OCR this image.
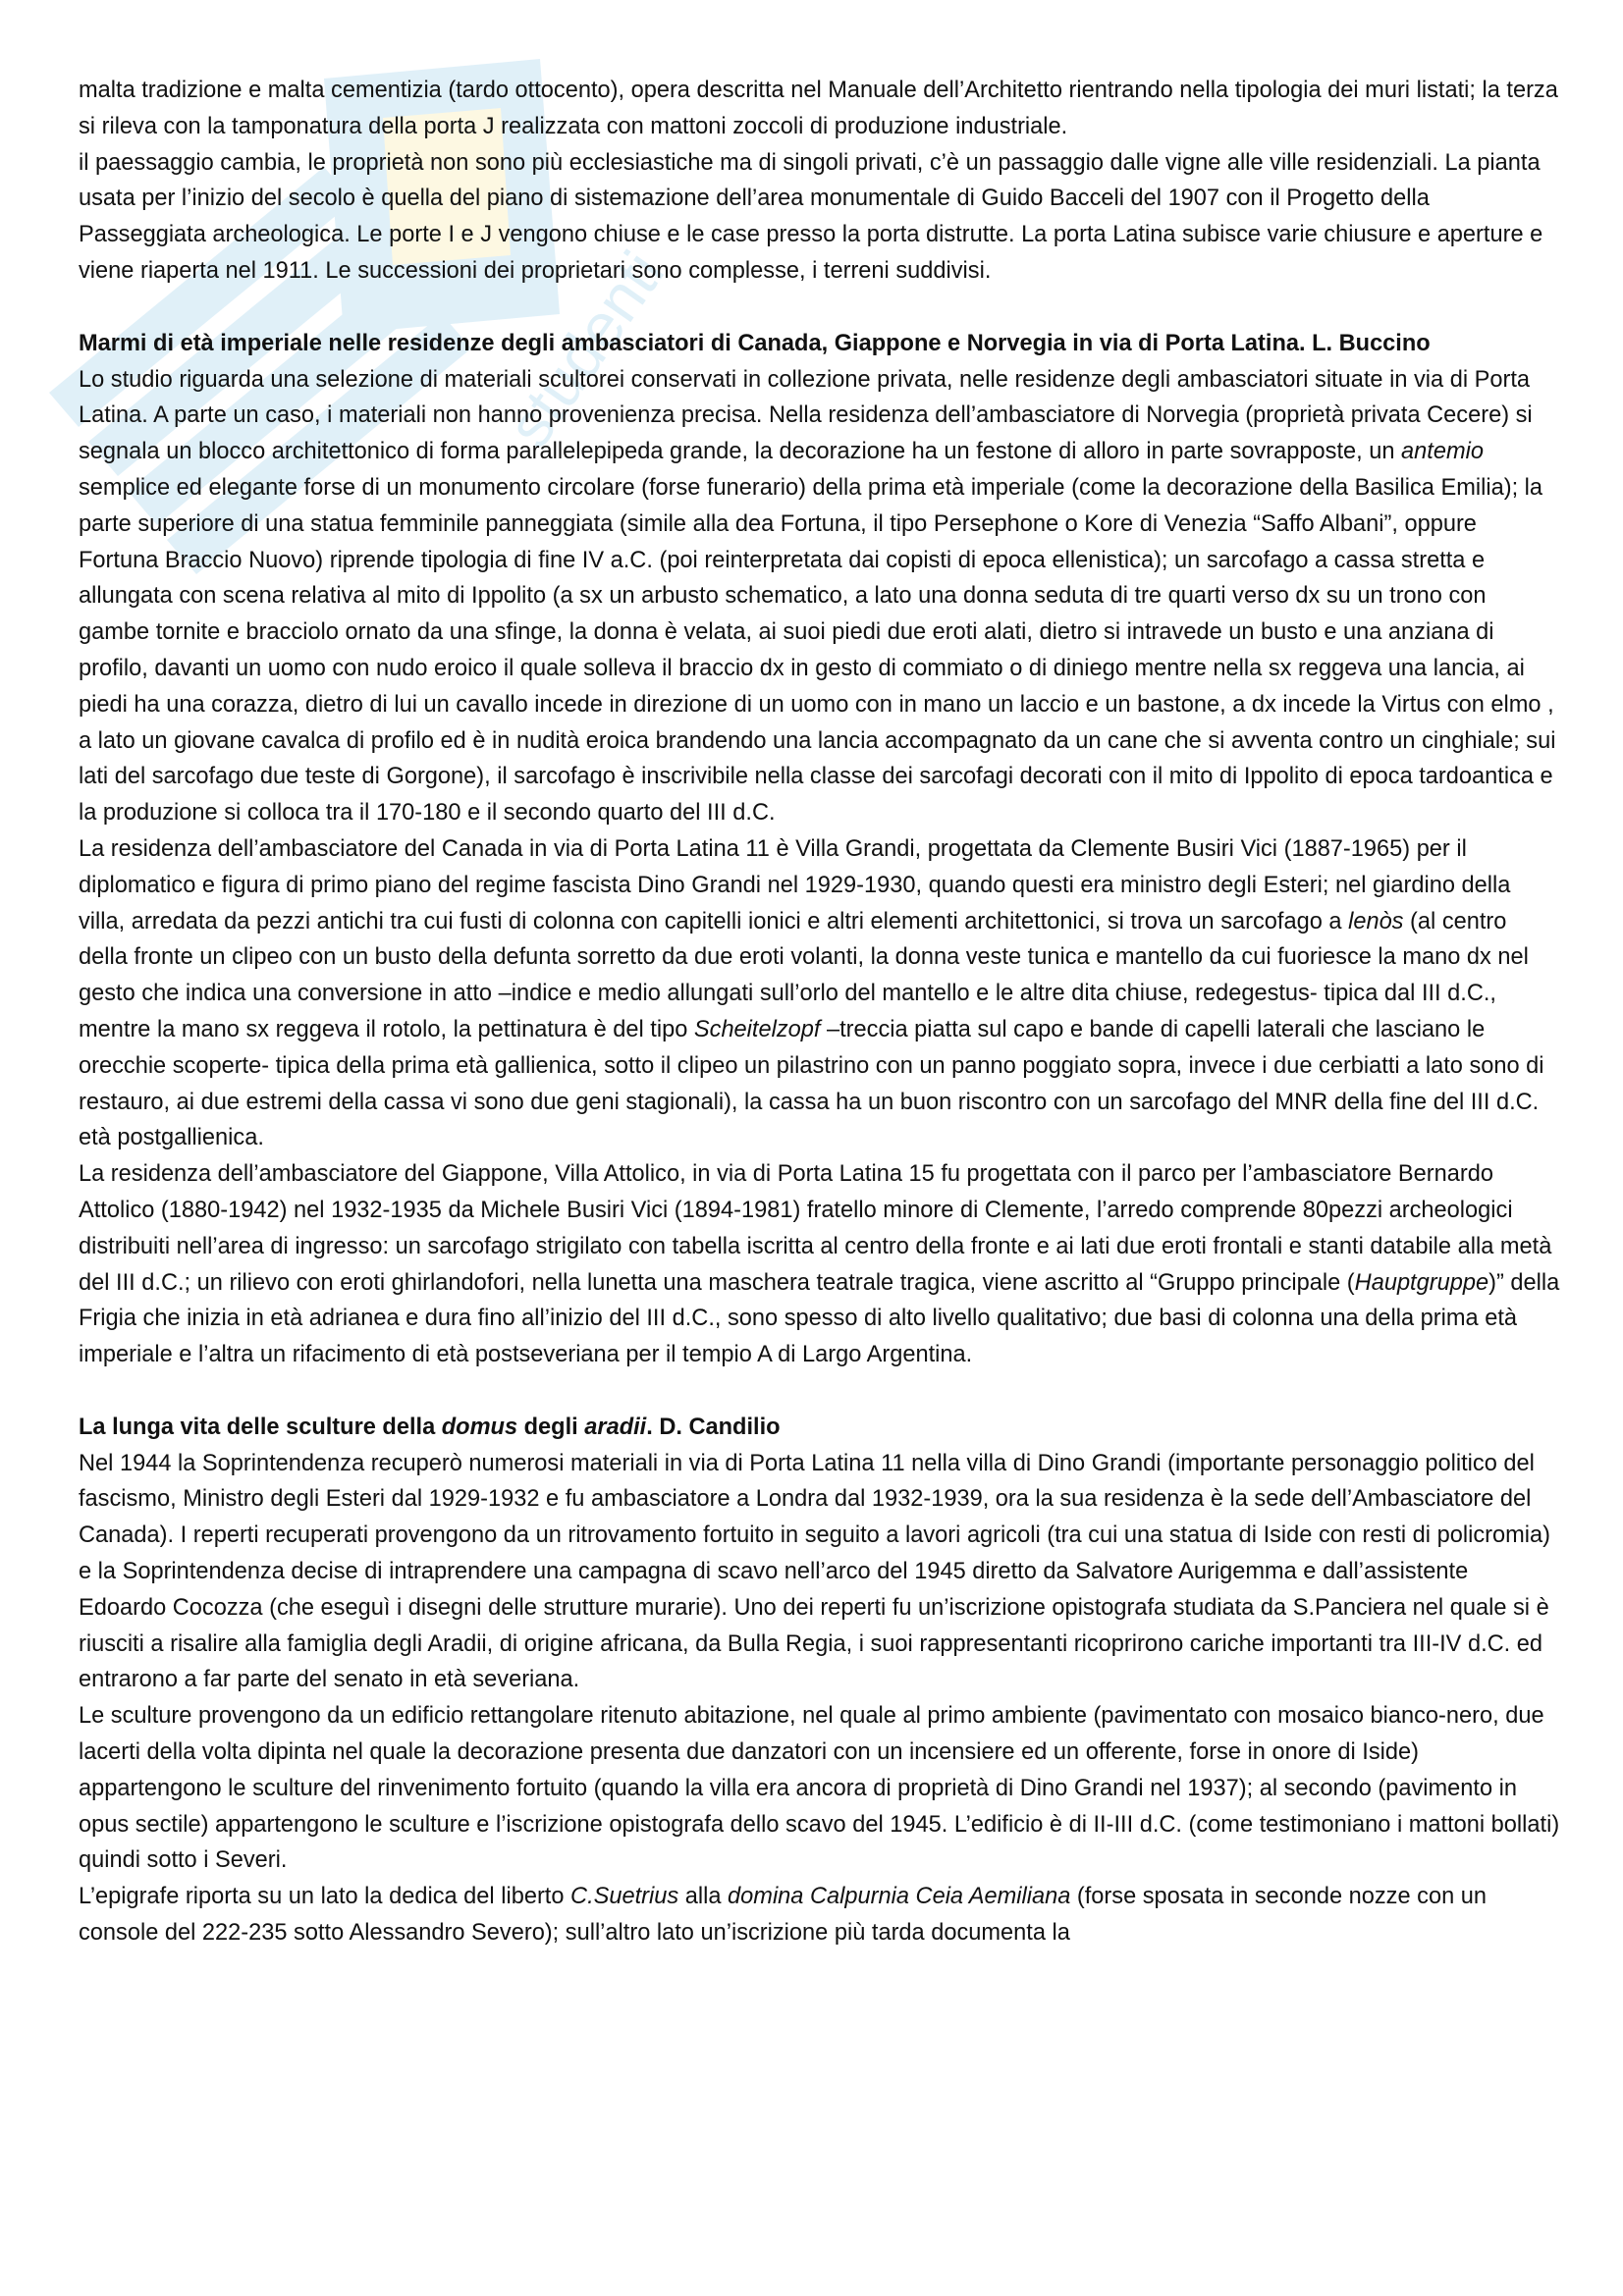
studenti

malta tradizione e malta cementizia (tardo ottocento), opera descritta nel Manuale dell’Architetto rientrando nella tipologia dei muri listati; la terza si rileva con la tamponatura della porta J realizzata con mattoni zoccoli di produzione industriale.

il paessaggio cambia, le proprietà non sono più ecclesiastiche ma di singoli privati, c’è un passaggio dalle vigne alle ville residenziali. La pianta usata per l’inizio del secolo è quella del piano di sistemazione dell’area monumentale di Guido Bacceli del 1907 con il Progetto della Passeggiata archeologica. Le porte I e J vengono chiuse e le case presso la porta distrutte. La porta Latina subisce varie chiusure e aperture e viene riaperta nel 1911. Le successioni dei proprietari sono complesse, i terreni suddivisi.

Marmi di età imperiale nelle residenze degli ambasciatori di Canada, Giappone e Norvegia in via di Porta Latina. L. Buccino

Lo studio riguarda una selezione di materiali scultorei conservati in collezione privata, nelle residenze degli ambasciatori situate in via di Porta Latina. A parte un caso, i materiali non hanno provenienza precisa. Nella residenza dell’ambasciatore di Norvegia (proprietà privata Cecere) si segnala un blocco architettonico di forma parallelepipeda grande, la decorazione ha un festone di alloro in parte sovrapposte, un antemio semplice ed elegante forse di un monumento circolare (forse funerario) della prima età imperiale (come la decorazione della Basilica Emilia); la parte superiore di una statua femminile panneggiata (simile alla dea Fortuna, il tipo Persephone o Kore di Venezia “Saffo Albani”, oppure Fortuna Braccio Nuovo) riprende tipologia di fine IV a.C. (poi reinterpretata dai copisti di epoca ellenistica); un sarcofago a cassa stretta e allungata con scena relativa al mito di Ippolito (a sx un arbusto schematico, a lato una donna seduta di tre quarti verso dx su un trono con gambe tornite e bracciolo ornato da una sfinge, la donna è velata, ai suoi piedi due eroti alati, dietro si intravede un busto e una anziana di profilo, davanti un uomo con nudo eroico il quale solleva il braccio dx in gesto di commiato o di diniego mentre nella sx reggeva una lancia, ai piedi ha una corazza, dietro di lui un cavallo incede in direzione di un uomo con in mano un laccio e un bastone, a dx incede la Virtus con elmo , a lato un giovane cavalca di profilo ed è in nudità eroica brandendo una lancia accompagnato da un cane che si avventa contro un cinghiale; sui lati del sarcofago due teste di Gorgone), il sarcofago è inscrivibile nella classe dei sarcofagi decorati con il mito di Ippolito di epoca tardoantica e la produzione si colloca tra il 170-180 e il secondo quarto del III d.C.

La residenza dell’ambasciatore del Canada in via di Porta Latina 11 è Villa Grandi, progettata da Clemente Busiri Vici (1887-1965) per il diplomatico e figura di primo piano del regime fascista Dino Grandi nel 1929-1930, quando questi era ministro degli Esteri; nel giardino della villa, arredata da pezzi antichi tra cui fusti di colonna con capitelli ionici e altri elementi architettonici, si trova un sarcofago a lenòs (al centro della fronte un clipeo con un busto della defunta sorretto da due eroti volanti, la donna veste tunica e mantello da cui fuoriesce la mano dx nel gesto che indica una conversione in atto –indice e medio allungati sull’orlo del mantello e le altre dita chiuse, redegestus- tipica dal III d.C., mentre la mano sx reggeva il rotolo, la pettinatura è del tipo Scheitelzopf –treccia piatta sul capo e bande di capelli laterali che lasciano le orecchie scoperte- tipica della prima età gallienica, sotto il clipeo un pilastrino con un panno poggiato sopra, invece i due cerbiatti a lato sono di restauro, ai due estremi della cassa vi sono due geni stagionali), la cassa ha un buon riscontro con un sarcofago del MNR della fine del III d.C. età postgallienica.

La residenza dell’ambasciatore del Giappone, Villa Attolico, in via di Porta Latina 15 fu progettata con il parco per l’ambasciatore Bernardo Attolico (1880-1942) nel 1932-1935 da Michele Busiri Vici (1894-1981) fratello minore di Clemente, l’arredo comprende 80pezzi archeologici distribuiti nell’area di ingresso: un sarcofago strigilato con tabella iscritta al centro della fronte e ai lati due eroti frontali e stanti databile alla metà del III d.C.; un rilievo con eroti ghirlandofori, nella lunetta una maschera teatrale tragica, viene ascritto al “Gruppo principale (Hauptgruppe)” della Frigia che inizia in età adrianea e dura fino all’inizio del III d.C., sono spesso di alto livello qualitativo; due basi di colonna una della prima età imperiale e l’altra un rifacimento di età postseveriana per il tempio A di Largo Argentina.

La lunga vita delle sculture della domus degli aradii. D. Candilio

Nel 1944 la Soprintendenza recuperò numerosi materiali in via di Porta Latina 11 nella villa di Dino Grandi (importante personaggio politico del fascismo, Ministro degli Esteri dal 1929-1932 e fu ambasciatore a Londra dal 1932-1939, ora la sua residenza è la sede dell’Ambasciatore del Canada). I reperti recuperati provengono da un ritrovamento fortuito in seguito a lavori agricoli (tra cui una statua di Iside con resti di policromia) e la Soprintendenza decise di intraprendere una campagna di scavo nell’arco del 1945 diretto da Salvatore Aurigemma e dall’assistente Edoardo Cocozza (che eseguì i disegni delle strutture murarie). Uno dei reperti fu un’iscrizione opistografa studiata da S.Panciera nel quale si è riusciti a risalire alla famiglia degli Aradii, di origine africana, da Bulla Regia, i suoi rappresentanti ricoprirono cariche importanti tra III-IV d.C. ed entrarono a far parte del senato in età severiana.

Le sculture provengono da un edificio rettangolare ritenuto abitazione, nel quale al primo ambiente (pavimentato con mosaico bianco-nero, due lacerti della volta dipinta nel quale la decorazione presenta due danzatori con un incensiere ed un offerente, forse in onore di Iside) appartengono le sculture del rinvenimento fortuito (quando la villa era ancora di proprietà di Dino Grandi nel 1937); al secondo (pavimento in opus sectile) appartengono le sculture e l’iscrizione opistografa dello scavo del 1945. L’edificio è di II-III d.C. (come testimoniano i mattoni bollati) quindi sotto i Severi.

L’epigrafe riporta su un lato la dedica del liberto C.Suetrius alla domina Calpurnia Ceia Aemiliana (forse sposata in seconde nozze con un console del 222-235 sotto Alessandro Severo); sull’altro lato un’iscrizione più tarda documenta la
